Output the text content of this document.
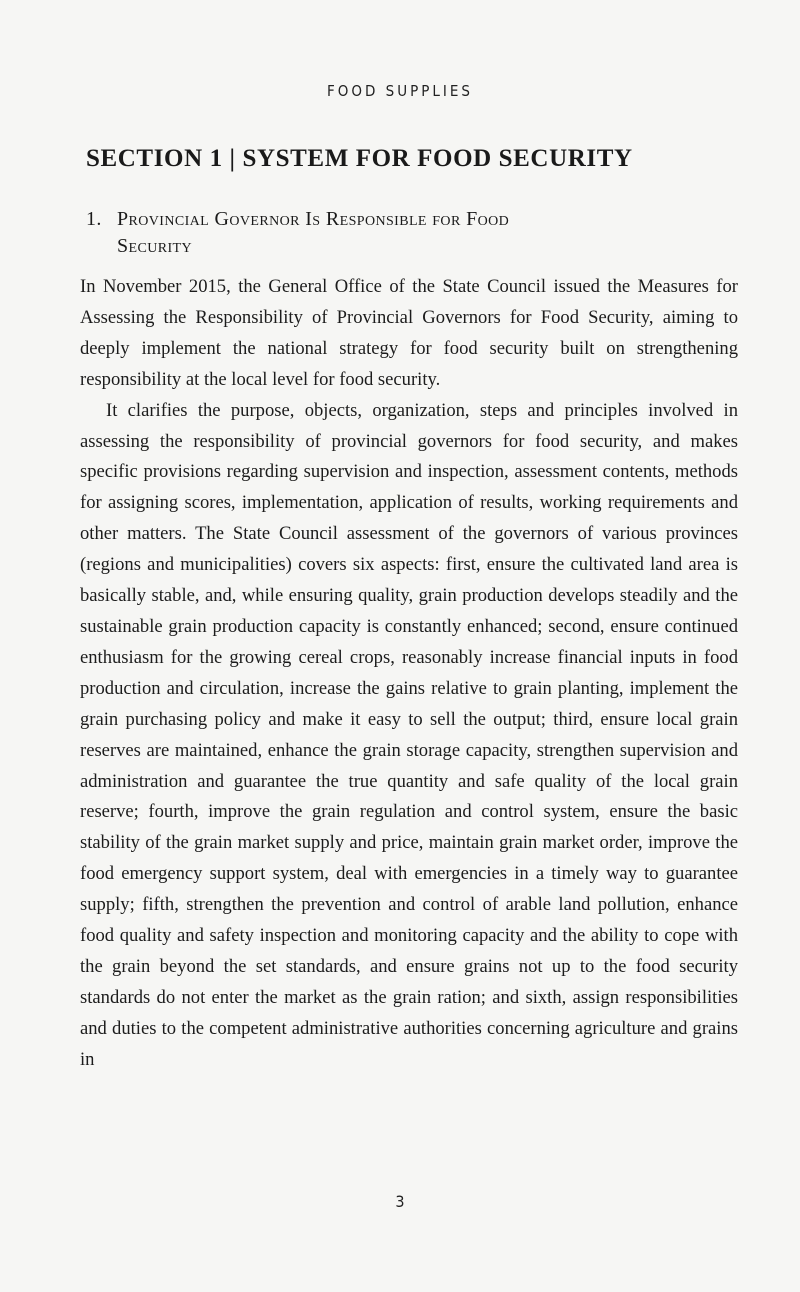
FOOD SUPPLIES
SECTION 1 | SYSTEM FOR FOOD SECURITY
1. Provincial Governor Is Responsible for Food
Security

In November 2015, the General Office of the State Council issued the Measures for Assessing the Responsibility of Provincial Governors for Food Security, aiming to deeply implement the national strategy for food security built on strengthening responsibility at the local level for food security.

It clarifies the purpose, objects, organization, steps and principles involved in assessing the responsibility of provincial governors for food security, and makes specific provisions regarding supervision and inspection, assessment contents, methods for assigning scores, implementation, application of results, working requirements and other matters. The State Council assessment of the governors of various provinces (regions and municipalities) covers six aspects: first, ensure the cultivated land area is basically stable, and, while ensuring quality, grain production develops steadily and the sustainable grain production capacity is constantly enhanced; second, ensure continued enthusiasm for the growing cereal crops, reasonably increase financial inputs in food production and circulation, increase the gains relative to grain planting, implement the grain purchasing policy and make it easy to sell the output; third, ensure local grain reserves are maintained, enhance the grain storage capacity, strengthen supervision and administration and guarantee the true quantity and safe quality of the local grain reserve; fourth, improve the grain regulation and control system, ensure the basic stability of the grain market supply and price, maintain grain market order, improve the food emergency support system, deal with emergencies in a timely way to guarantee supply; fifth, strengthen the prevention and control of arable land pollution, enhance food quality and safety inspection and monitoring capacity and the ability to cope with the grain beyond the set standards, and ensure grains not up to the food security standards do not enter the market as the grain ration; and sixth, assign responsibilities and duties to the competent administrative authorities concerning agriculture and grains in

3
